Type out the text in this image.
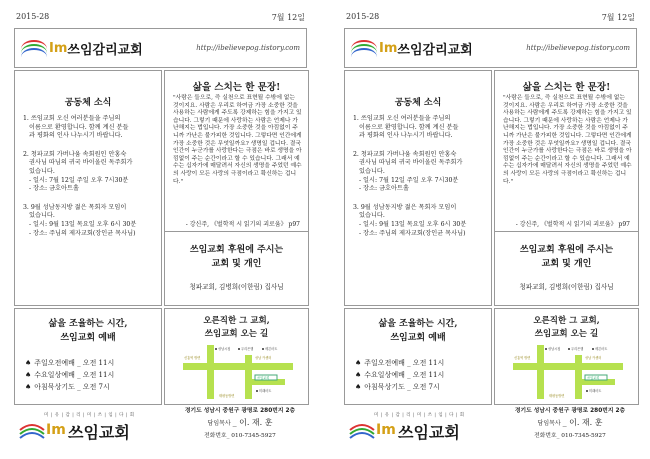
2015-28	7월 12일
Im 쓰임감리교회	http://ibelievepog.tistory.com
공동체 소식
1. 쓰임교회 오신 여러분들을 주님의
이름으로 환영합니다. 함께 계신 분들
과 평화의 인사 나누시기 바랍니다.
2. 청파교회 가버나움 속회원인 안홍숙
권사님 따님의 귀국 바이올린 독주회가
있습니다.
- 일시: 7월 12일 주일 오후 7시30분
- 장소: 금호아트홀
3. 9월 성남동지방 젊은 목회자 모임이
있습니다.
- 일시: 9월 13일 목요일 오후 6시 30분
- 장소: 주님의 제자교회(장인균 목사님)
삶을 스치는 한 문장!
"사람은 들으로, 즉 실천으로 표현될 수밖에 없는 것이지요. 사람은 우리로 하여금 가장 소중한 것을 사용하는 사람에게 주도록 강제하는 힘을 가지고 있습니다. 그렇기 때문에 사랑하는 사람은 언제나 가난해지는 법입니다. 가장 소중한 것을 아낌없이 주니까 가난은 불가피한 것입니다. 그렇다면 인간에게 가장 소중한 것은 무엇일까요? 생명일 겁니다. 결국 인간이 누군가를 사랑한다는 극점은 바로 생명을 아낌없이 주는 순간이라고 할 수 있습니다. 그래서 예수는 십자가에 매달려서 자신의 생명을 주었던 예수의 사랑이 모든 사랑의 극점이라고 확신하는 겁니다."
- 강신주, 《벌학적 시 읽기의 괴로움》 p97
쓰임교회 후원에 주시는
교회 및 개인
청파교회, 김병희(이한림) 집사님
삶을 조율하는 시간,
쓰임교회 예배
♠ 주일오전예배 _ 오전 11시
♠ 수요일상예배 _ 오전 11시
♠ 아침묵상기도 _ 오전 7시
오른직한 그 교회,
쓰임교회 오는 길
성남시청	우리은행	세븐마트
신흥역 방면	성남 카센터
쓰임교회
미래마트
태평동방면
미 | 유 | 감 | 리 | 미 | 쓰 | 임 | 다 | 회
Im 쓰임교회
경기도 성남시 중원구 광명로 280번지 2층
담임목사 _ 이. 재. 훈
전화번호_ 010-7345-5927
2015-28	7월 12일
Im 쓰임감리교회	http://ibelievepog.tistory.com
공동체 소식
1. 쓰임교회 오신 여러분들을 주님의
이름으로 환영합니다. 함께 계신 분들
과 평화의 인사 나누시기 바랍니다.
2. 청파교회 가버나움 속회원인 안홍숙
권사님 따님의 귀국 바이올린 독주회가
있습니다.
- 일시: 7월 12일 주일 오후 7시30분
- 장소: 금호아트홀
3. 9월 성남동지방 젊은 목회자 모임이
있습니다.
- 일시: 9월 13일 목요일 오후 6시 30분
- 장소: 주님의 제자교회(장인균 목사님)
삶을 스치는 한 문장!
"사람은 들으로, 즉 실천으로 표현될 수밖에 없는 것이지요. 사람은 우리로 하여금 가장 소중한 것을 사용하는 사람에게 주도록 강제하는 힘을 가지고 있습니다. 그렇기 때문에 사랑하는 사람은 언제나 가난해지는 법입니다. 가장 소중한 것을 아낌없이 주니까 가난은 불가피한 것입니다. 그렇다면 인간에게 가장 소중한 것은 무엇일까요? 생명일 겁니다. 결국 인간이 누군가를 사랑한다는 극점은 바로 생명을 아낌없이 주는 순간이라고 할 수 있습니다. 그래서 예수는 십자가에 매달려서 자신의 생명을 주었던 예수의 사랑이 모든 사랑의 극점이라고 확신하는 겁니다."
- 강신주, 《벌학적 시 읽기의 괴로움》 p97
쓰임교회 후원에 주시는
교회 및 개인
청파교회, 김병희(이한림) 집사님
삶을 조율하는 시간,
쓰임교회 예배
♠ 주일오전예배 _ 오전 11시
♠ 수요일상예배 _ 오전 11시
♠ 아침묵상기도 _ 오전 7시
오른직한 그 교회,
쓰임교회 오는 길
성남시청	우리은행	세븐마트
신흥역 방면	성남 카센터
쓰임교회
미래마트
태평동방면
미 | 유 | 감 | 리 | 미 | 쓰 | 임 | 다 | 회
Im 쓰임교회
경기도 성남시 중원구 광명로 280번지 2층
담임목사 _ 이. 재. 훈
전화번호_ 010-7345-5927
